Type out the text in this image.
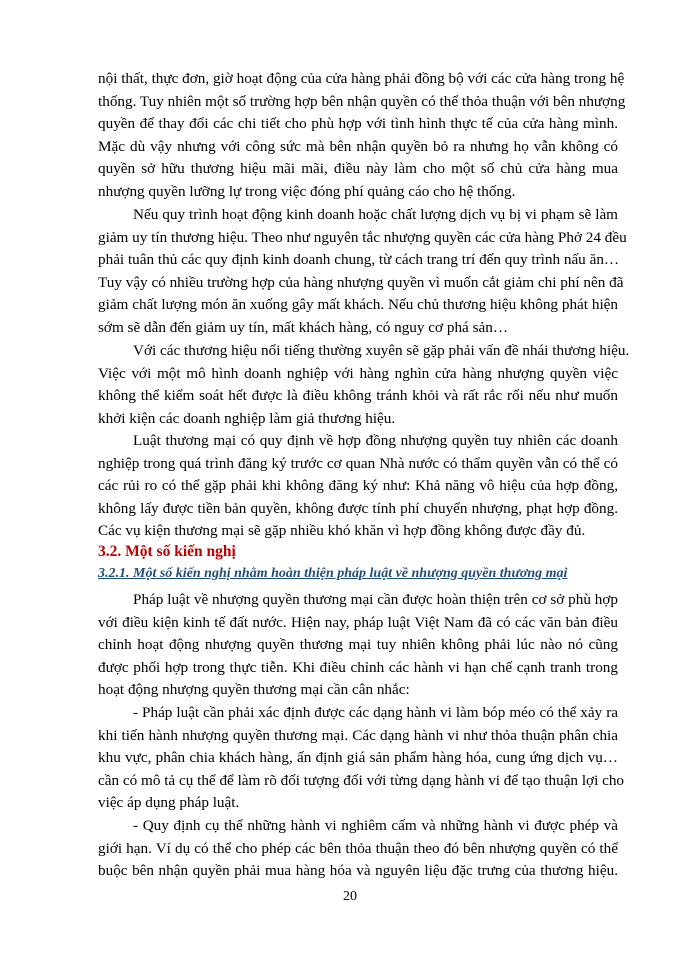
nội thất, thực đơn, giờ hoạt động của cửa hàng phải đồng bộ với các cửa hàng trong hệ
thống. Tuy nhiên một số trường hợp bên nhận quyền có thể thỏa thuận với bên nhượng
quyền để thay đổi các chi tiết cho phù hợp với tình hình thực tế của cửa hàng mình.
Mặc dù vậy nhưng với công sức mà bên nhận quyền bỏ ra nhưng họ vẫn không có
quyền sở hữu thương hiệu mãi mãi, điều này làm cho một số chủ cửa hàng mua
nhượng quyền lưỡng lự trong việc đóng phí quảng cáo cho hệ thống.
Nếu quy trình hoạt động kinh doanh hoặc chất lượng dịch vụ bị vi phạm sẽ làm
giảm uy tín thương hiệu. Theo như nguyên tắc nhượng quyền các cửa hàng Phở 24 đều
phải tuân thủ các quy định kinh doanh chung, từ cách trang trí đến quy trình nấu ăn…
Tuy vậy có nhiều trường hợp của hàng nhượng quyền vì muốn cắt giảm chi phí nên đã
giảm chất lượng món ăn xuống gây mất khách. Nếu chủ thương hiệu không phát hiện
sớm sẽ dẫn đến giảm uy tín, mất khách hàng, có nguy cơ phá sản…
Với các thương hiệu nổi tiếng thường xuyên sẽ gặp phải vấn đề nhái thương hiệu.
Việc với một mô hình doanh nghiệp với hàng nghìn cửa hàng nhượng quyền việc
không thể kiểm soát hết được là điều không tránh khỏi và rất rắc rối nếu như muốn
khởi kiện các doanh nghiệp làm giả thương hiệu.
Luật thương mại có quy định về hợp đồng nhượng quyền tuy nhiên các doanh
nghiệp trong quá trình đăng ký trước cơ quan Nhà nước có thẩm quyền vẫn có thể có
các rủi ro có thể gặp phải khi không đăng ký như: Khả năng vô hiệu của hợp đồng,
không lấy được tiền bản quyền, không được tính phí chuyển nhượng, phạt hợp đồng.
Các vụ kiện thương mại sẽ gặp nhiều khó khăn vì hợp đồng không được đầy đủ.
3.2. Một số kiến nghị
3.2.1. Một số kiến nghị nhằm hoàn thiện pháp luật về nhượng quyền thương mại
Pháp luật về nhượng quyền thương mại cần được hoàn thiện trên cơ sở phù hợp
với điều kiện kinh tế đất nước. Hiện nay, pháp luật Việt Nam đã có các văn bản điều
chỉnh hoạt động nhượng quyền thương mại tuy nhiên không phải lúc nào nó cũng
được phối hợp trong thực tiễn. Khi điều chỉnh các hành vi hạn chế cạnh tranh trong
hoạt động nhượng quyền thương mại cần cân nhắc:
- Pháp luật cần phải xác định được các dạng hành vi làm bóp méo có thể xảy ra
khi tiến hành nhượng quyền thương mại. Các dạng hành vi như thỏa thuận phân chia
khu vực, phân chia khách hàng, ấn định giá sản phẩm hàng hóa, cung ứng dịch vụ…
cần có mô tả cụ thể để làm rõ đối tượng đối với từng dạng hành vi để tạo thuận lợi cho
việc áp dụng pháp luật.
- Quy định cụ thể những hành vi nghiêm cấm và những hành vi được phép và
giới hạn. Ví dụ có thể cho phép các bên thỏa thuận theo đó bên nhượng quyền có thể
buộc bên nhận quyền phải mua hàng hóa và nguyên liệu đặc trưng của thương hiệu.
20
